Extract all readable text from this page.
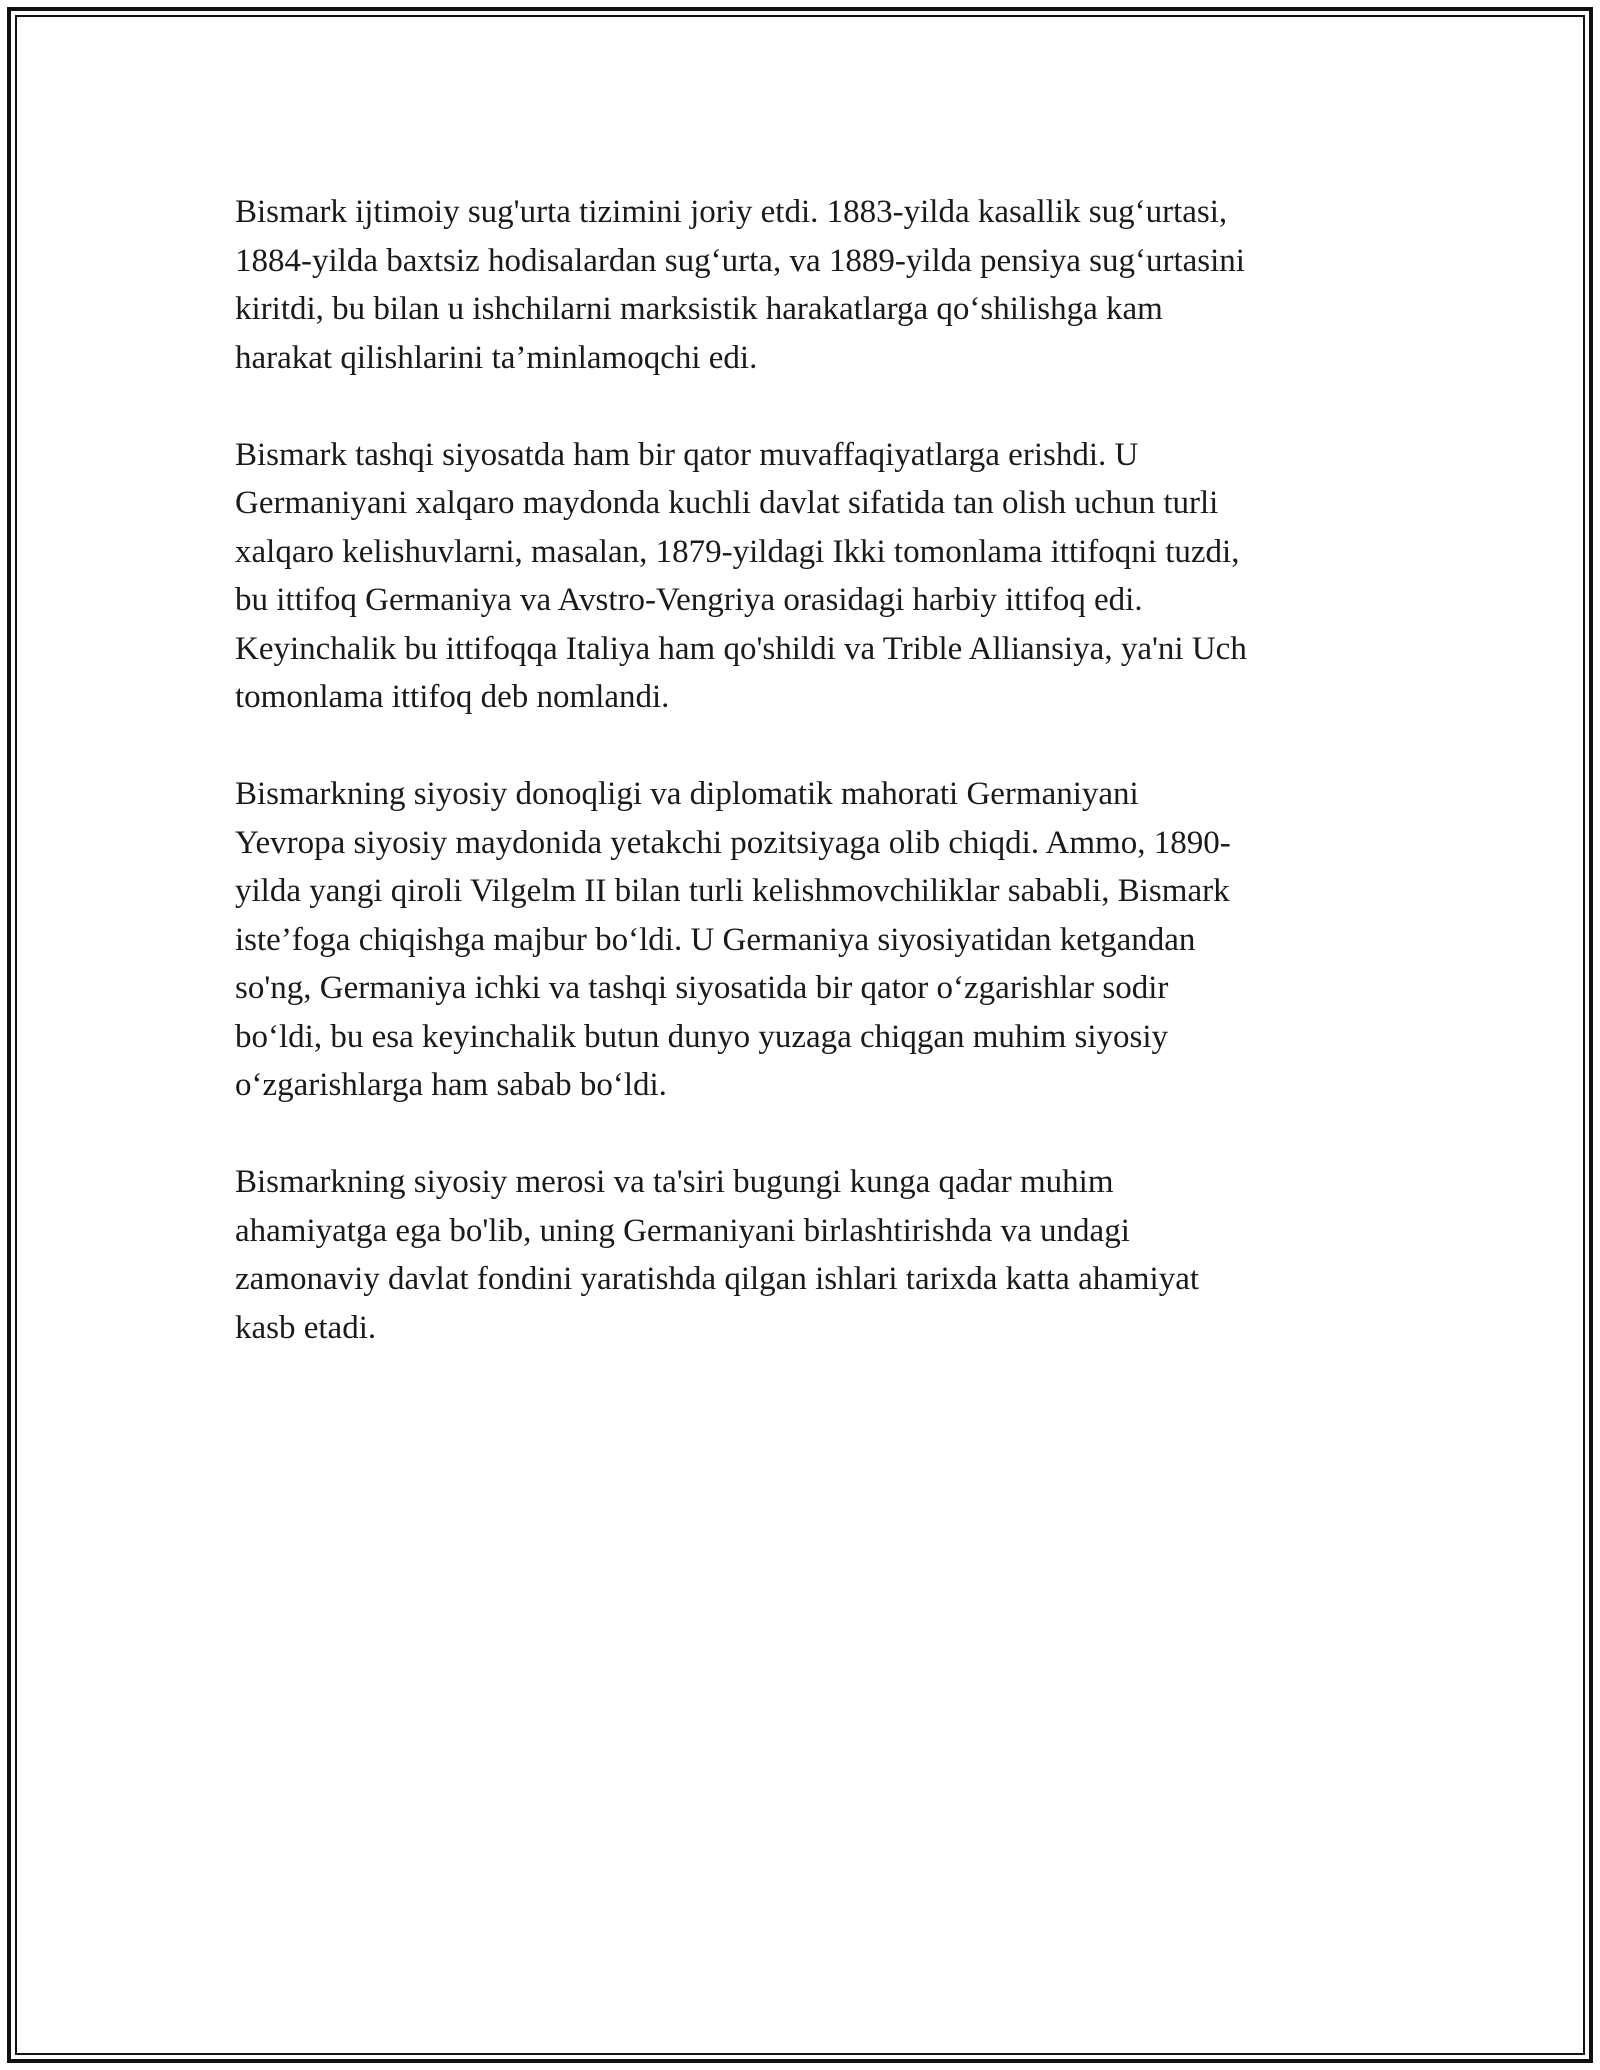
Bismark ijtimoiy sug'urta tizimini joriy etdi. 1883-yilda kasallik sug‘urtasi,
1884-yilda baxtsiz hodisalardan sug‘urta, va 1889-yilda pensiya sug‘urtasini
kiritdi, bu bilan u ishchilarni marksistik harakatlarga qo‘shilishga kam
harakat qilishlarini ta’minlamoqchi edi.

Bismark tashqi siyosatda ham bir qator muvaffaqiyatlarga erishdi. U
Germaniyani xalqaro maydonda kuchli davlat sifatida tan olish uchun turli
xalqaro kelishuvlarni, masalan, 1879-yildagi Ikki tomonlama ittifoqni tuzdi,
bu ittifoq Germaniya va Avstro-Vengriya orasidagi harbiy ittifoq edi.
Keyinchalik bu ittifoqqa Italiya ham qo'shildi va Trible Alliansiya, ya'ni Uch
tomonlama ittifoq deb nomlandi.

Bismarkning siyosiy donoqligi va diplomatik mahorati Germaniyani
Yevropa siyosiy maydonida yetakchi pozitsiyaga olib chiqdi. Ammo, 1890-
yilda yangi qiroli Vilgelm II bilan turli kelishmovchiliklar sababli, Bismark
iste’foga chiqishga majbur bo‘ldi. U Germaniya siyosiyatidan ketgandan
so'ng, Germaniya ichki va tashqi siyosatida bir qator o‘zgarishlar sodir
bo‘ldi, bu esa keyinchalik butun dunyo yuzaga chiqgan muhim siyosiy
o‘zgarishlarga ham sabab bo‘ldi.

Bismarkning siyosiy merosi va ta'siri bugungi kunga qadar muhim
ahamiyatga ega bo'lib, uning Germaniyani birlashtirishda va undagi
zamonaviy davlat fondini yaratishda qilgan ishlari tarixda katta ahamiyat
kasb etadi.
